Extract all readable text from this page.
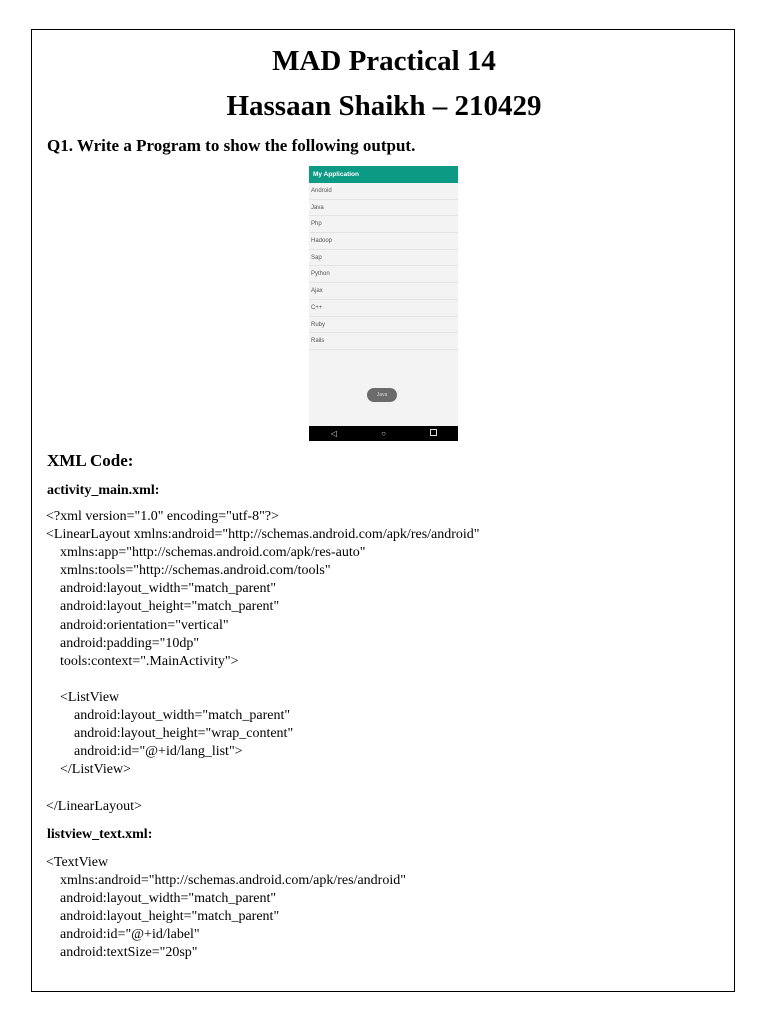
MAD Practical 14
Hassaan Shaikh – 210429
Q1. Write a Program to show the following output.
My Application
Android
Java
Php
Hadoop
Sap
Python
Ajax
C++
Ruby
Rails
Java
◁	○
XML Code:
activity_main.xml:
<?xml version="1.0" encoding="utf-8"?>
<LinearLayout xmlns:android="http://schemas.android.com/apk/res/android"
xmlns:app="http://schemas.android.com/apk/res-auto"
xmlns:tools="http://schemas.android.com/tools"
android:layout_width="match_parent"
android:layout_height="match_parent"
android:orientation="vertical"
android:padding="10dp"
tools:context=".MainActivity">

<ListView
android:layout_width="match_parent"
android:layout_height="wrap_content"
android:id="@+id/lang_list">
</ListView>

</LinearLayout>
listview_text.xml:
<TextView
xmlns:android="http://schemas.android.com/apk/res/android"
android:layout_width="match_parent"
android:layout_height="match_parent"
android:id="@+id/label"
android:textSize="20sp"
